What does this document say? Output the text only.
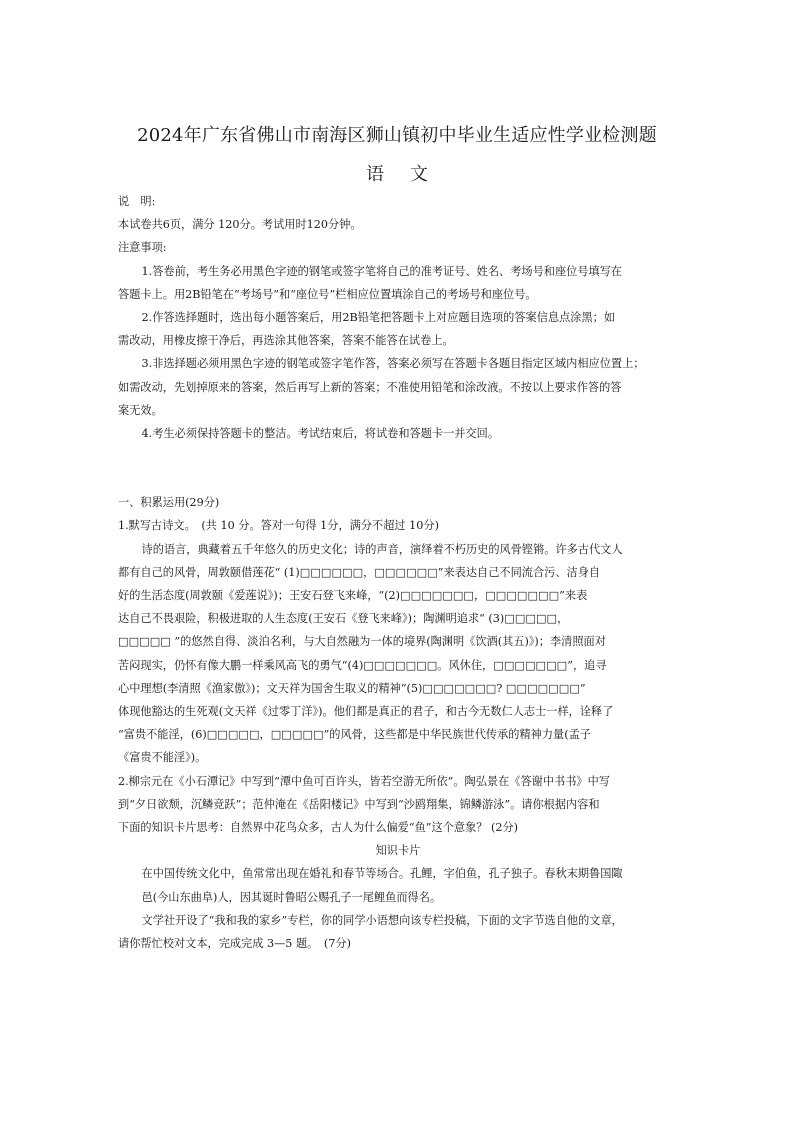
2024年广东省佛山市南海区狮山镇初中毕业生适应性学业检测题
语文

说　明:

本试卷共6页，满分 120分。考试用时120分钟。

注意事项:

1.答卷前，考生务必用黑色字迹的钢笔或签字笔将自己的准考证号、姓名、考场号和座位号填写在

答题卡上。用2B铅笔在“考场号”和“座位号”栏相应位置填涂自己的考场号和座位号。

2.作答选择题时，选出每小题答案后，用2B铅笔把答题卡上对应题目选项的答案信息点涂黑；如

需改动，用橡皮擦干净后，再选涂其他答案，答案不能答在试卷上。

3.非选择题必须用黑色字迹的钢笔或签字笔作答，答案必须写在答题卡各题目指定区域内相应位置上；

如需改动，先划掉原来的答案，然后再写上新的答案；不准使用铅笔和涂改液。不按以上要求作答的答

案无效。

4.考生必须保持答题卡的整洁。考试结束后，将试卷和答题卡一并交回。

一、积累运用(29分)

1.默写古诗文。　(共 10 分。答对一句得 1分，满分不超过 10分)

诗的语言，典藏着五千年悠久的历史文化；诗的声音，演绎着不朽历史的风骨铿锵。许多古代文人

都有自己的风骨，周敦颐借莲花“ (1)□□□□□□，□□□□□□”来表达自己不同流合污、洁身自

好的生活态度(周敦颐《爱莲说》)；王安石登飞来峰，“(2)□□□□□□□，□□□□□□□”来表

达自己不畏艰险，积极进取的人生态度(王安石《登飞来峰》)；陶渊明追求“ (3)□□□□□，

□□□□□ ”的悠然自得、淡泊名利，与大自然融为一体的境界(陶渊明《饮酒(其五)》)；李清照面对

苦闷现实，仍怀有像大鹏一样乘风高飞的勇气“(4)□□□□□□□。风休住，□□□□□□□”，追寻

心中理想(李清照《渔家傲》)；文天祥为国舍生取义的精神“(5)□□□□□□□? □□□□□□□”

体现他豁达的生死观(文天祥《过零丁洋》)。他们都是真正的君子，和古今无数仁人志士一样，诠释了

“富贵不能淫，(6)□□□□□，□□□□□”的风骨，这些都是中华民族世代传承的精神力量(孟子

《富贵不能淫》)。

2.柳宗元在《小石潭记》中写到“潭中鱼可百许头，皆若空游无所依”。陶弘景在《答谢中书书》中写

到“夕日欲颓，沉鳞竞跃”；范仲淹在《岳阳楼记》中写到“沙鸥翔集，锦鳞游泳”。请你根据内容和

下面的知识卡片思考：自然界中花鸟众多，古人为什么偏爱“鱼”这个意象？ (2分)

知识卡片

在中国传统文化中，鱼常常出现在婚礼和春节等场合。孔鲤，字伯鱼，孔子独子。春秋末期鲁国陬

邑(今山东曲阜)人，因其诞时鲁昭公赐孔子一尾鲤鱼而得名。

文学社开设了“我和我的家乡”专栏，你的同学小语想向该专栏投稿，下面的文字节选自他的文章，

请你帮忙校对文本，完成完成 3—5 题。　(7分)
